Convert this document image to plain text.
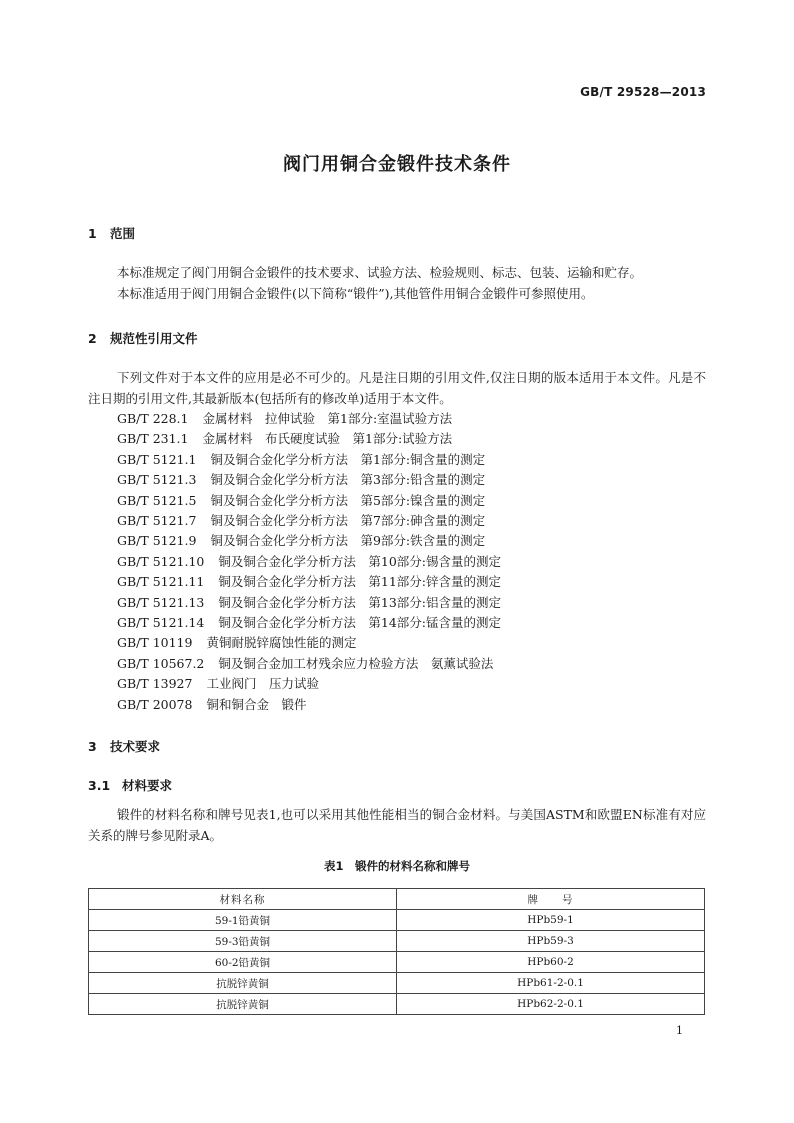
GB/T 29528—2013
阀门用铜合金锻件技术条件
1 范围
本标准规定了阀门用铜合金锻件的技术要求、试验方法、检验规则、标志、包装、运输和贮存。
本标准适用于阀门用铜合金锻件(以下简称“锻件”),其他管件用铜合金锻件可参照使用。
2 规范性引用文件
下列文件对于本文件的应用是必不可少的。凡是注日期的引用文件,仅注日期的版本适用于本文件。凡是不注日期的引用文件,其最新版本(包括所有的修改单)适用于本文件。
GB/T 228.1 金属材料　拉伸试验　第1部分:室温试验方法
GB/T 231.1 金属材料　布氏硬度试验　第1部分:试验方法
GB/T 5121.1 铜及铜合金化学分析方法　第1部分:铜含量的测定
GB/T 5121.3 铜及铜合金化学分析方法　第3部分:铅含量的测定
GB/T 5121.5 铜及铜合金化学分析方法　第5部分:镍含量的测定
GB/T 5121.7 铜及铜合金化学分析方法　第7部分:砷含量的测定
GB/T 5121.9 铜及铜合金化学分析方法　第9部分:铁含量的测定
GB/T 5121.10 铜及铜合金化学分析方法　第10部分:锡含量的测定
GB/T 5121.11 铜及铜合金化学分析方法　第11部分:锌含量的测定
GB/T 5121.13 铜及铜合金化学分析方法　第13部分:铝含量的测定
GB/T 5121.14 铜及铜合金化学分析方法　第14部分:锰含量的测定
GB/T 10119 黄铜耐脱锌腐蚀性能的测定
GB/T 10567.2 铜及铜合金加工材残余应力检验方法　氨薰试验法
GB/T 13927 工业阀门　压力试验
GB/T 20078 铜和铜合金　锻件
3 技术要求
3.1 材料要求
锻件的材料名称和牌号见表1,也可以采用其他性能相当的铜合金材料。与美国ASTM和欧盟EN标准有对应关系的牌号参见附录A。
表1　锻件的材料名称和牌号
材料名称	牌　　号
59-1铅黄铜	HPb59-1
59-3铅黄铜	HPb59-3
60-2铅黄铜	HPb60-2
抗脱锌黄铜	HPb61-2-0.1
抗脱锌黄铜	HPb62-2-0.1
1
